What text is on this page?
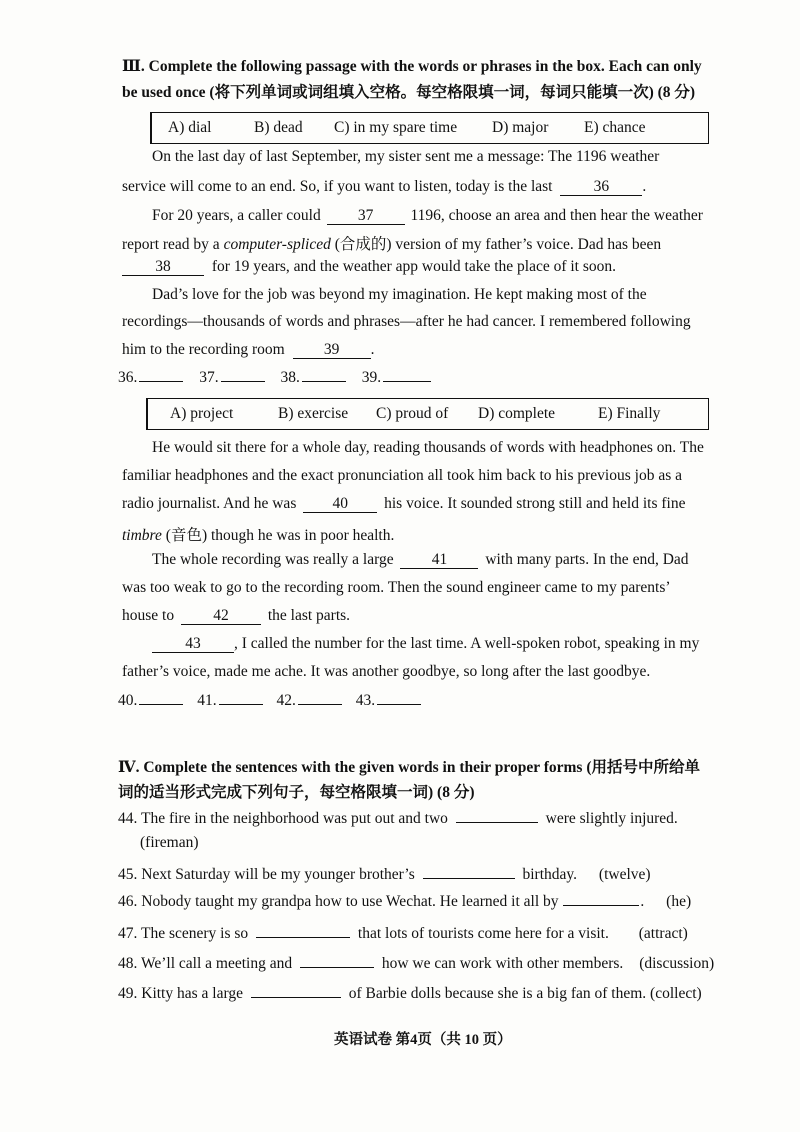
Ⅲ. Complete the following passage with the words or phrases in the box. Each can only
be used once (将下列单词或词组填入空格。每空格限填一词，每词只能填一次) (8 分)
A) dial	B) dead C) in my spare time D) major E) chance
On the last day of last September, my sister sent me a message: The 1196 weather
service will come to an end. So, if you want to listen, today is the last	36 .
For 20 years, a caller could 37 1196, choose an area and then hear the weather
report read by a computer-spliced (合成的) version of my father’s voice. Dad has been
38	for 19 years, and the weather app would take the place of it soon.
Dad’s love for the job was beyond my imagination. He kept making most of the
recordings—thousands of words and phrases—after he had cancer. I remembered following
him to the recording room	39 .
36.	37.	38.	39.
A) project	B) exercise C) proud of D) complete	E) Finally
He would sit there for a whole day, reading thousands of words with headphones on. The
familiar headphones and the exact pronunciation all took him back to his previous job as a
radio journalist. And he was 40 his voice. It sounded strong still and held its fine
timbre (音色) though he was in poor health.
The whole recording was really a large 41 with many parts. In the end, Dad
was too weak to go to the recording room. Then the sound engineer came to my parents’
house to	42	the last parts.
43 , I called the number for the last time. A well-spoken robot, speaking in my
father’s voice, made me ache. It was another goodbye, so long after the last goodbye.
40.	41.	42.	43.
Ⅳ. Complete the sentences with the given words in their proper forms (用括号中所给单
词的适当形式完成下列句子，每空格限填一词) (8 分)
44. The fire in the neighborhood was put out and two	were slightly injured.
(fireman)
45. Next Saturday will be my younger brother’s	birthday. (twelve)
46. Nobody taught my grandpa how to use Wechat. He learned it all by	. (he)
47. The scenery is so	that lots of tourists come here for a visit. (attract)
48. We’ll call a meeting and	how we can work with other members. (discussion)
49. Kitty has a large	of Barbie dolls because she is a big fan of them. (collect)
英语试卷 第4页（共 10 页）
